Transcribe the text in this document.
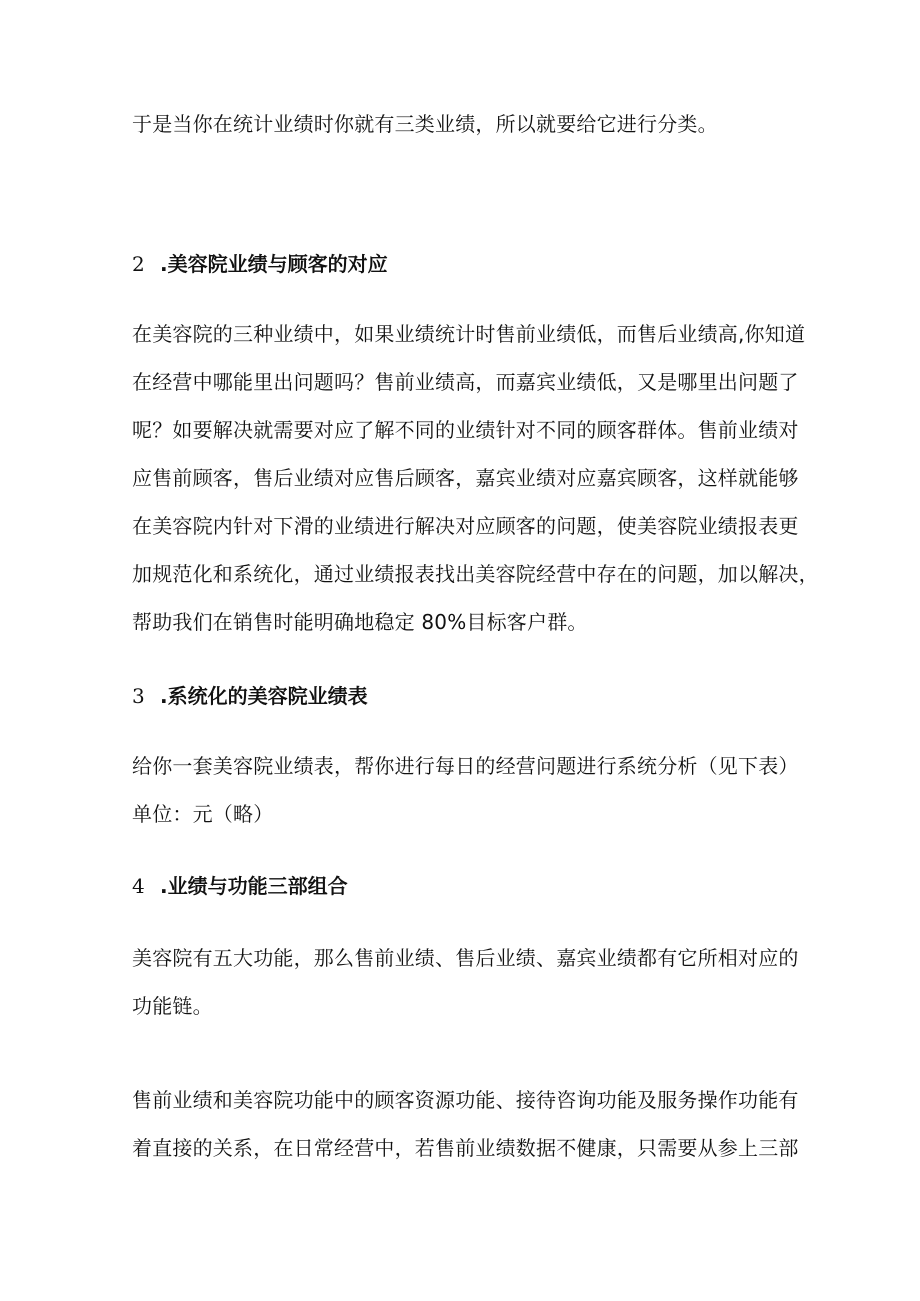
于是当你在统计业绩时你就有三类业绩，所以就要给它进行分类。
2 .美容院业绩与顾客的对应
在美容院的三种业绩中，如果业绩统计时售前业绩低，而售后业绩高,你知道
在经营中哪能里出问题吗？售前业绩高，而嘉宾业绩低，又是哪里出问题了
呢？如要解决就需要对应了解不同的业绩针对不同的顾客群体。售前业绩对
应售前顾客，售后业绩对应售后顾客，嘉宾业绩对应嘉宾顾客，这样就能够
在美容院内针对下滑的业绩进行解决对应顾客的问题，使美容院业绩报表更
加规范化和系统化，通过业绩报表找出美容院经营中存在的问题，加以解决，
帮助我们在销售时能明确地稳定 80%目标客户群。
3 .系统化的美容院业绩表
给你一套美容院业绩表，帮你进行每日的经营问题进行系统分析（见下表）
单位：元（略）
4 .业绩与功能三部组合
美容院有五大功能，那么售前业绩、售后业绩、嘉宾业绩都有它所相对应的
功能链。
售前业绩和美容院功能中的顾客资源功能、接待咨询功能及服务操作功能有
着直接的关系，在日常经营中，若售前业绩数据不健康，只需要从参上三部
